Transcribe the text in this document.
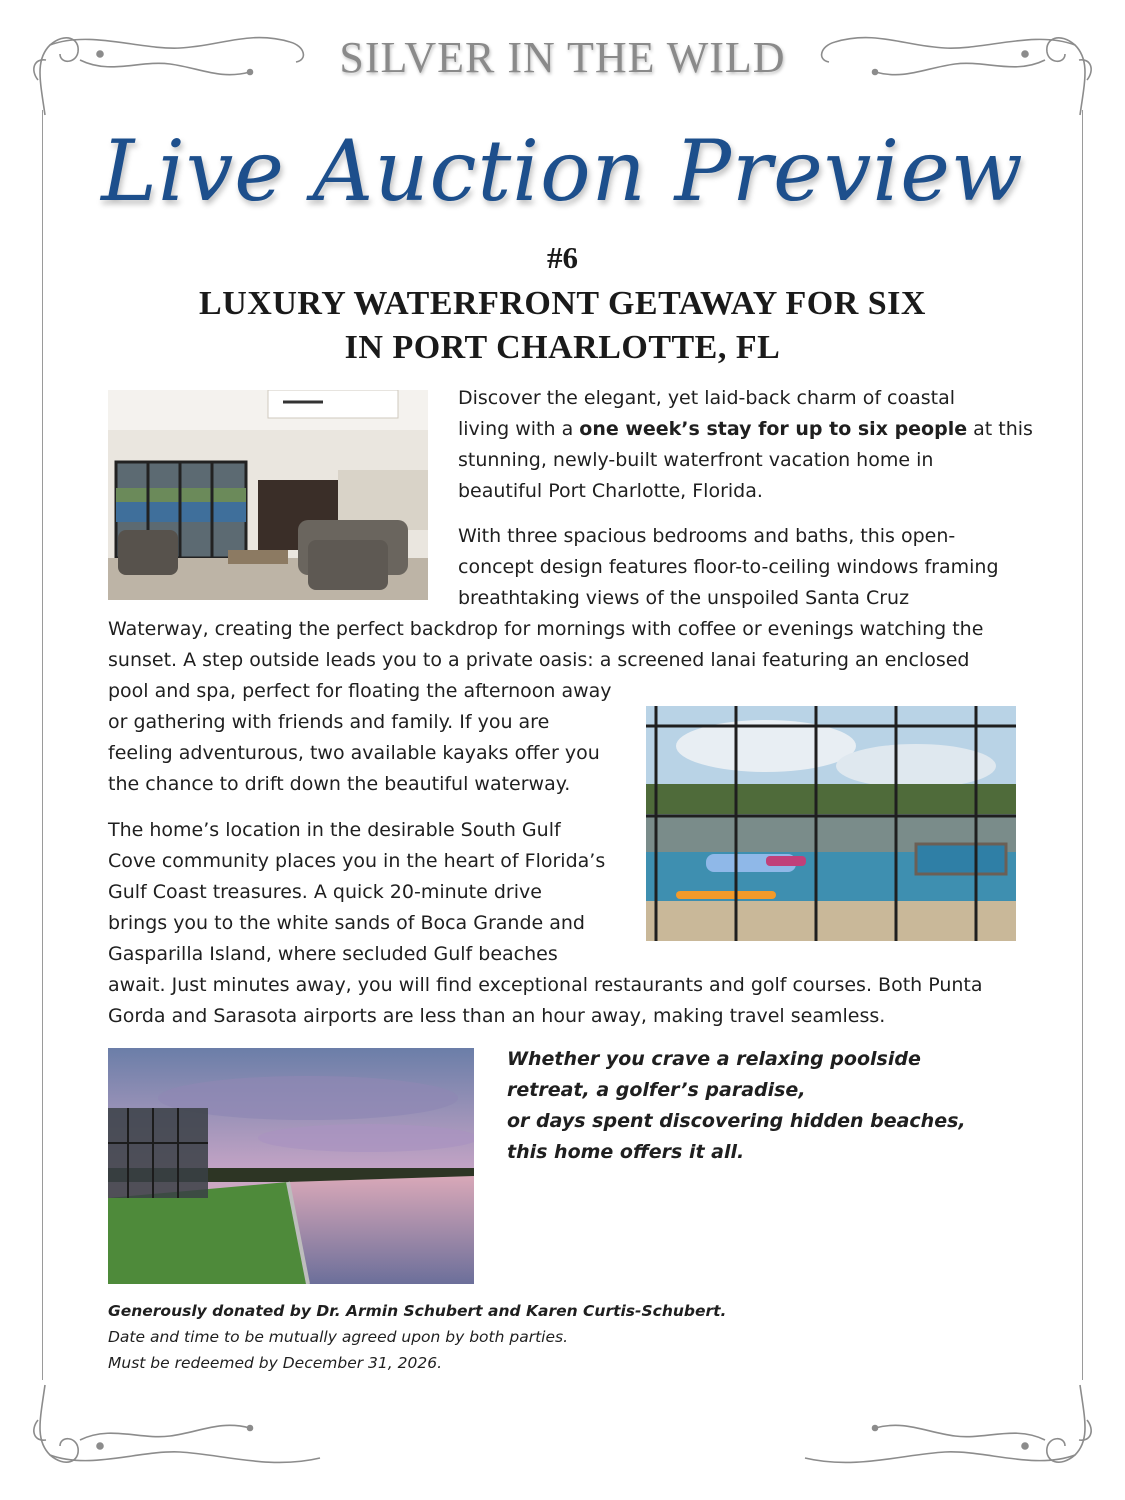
SILVER IN THE WILD
Live Auction Preview
#6
LUXURY WATERFRONT GETAWAY FOR SIX
IN PORT CHARLOTTE, FL
Discover the elegant, yet laid-back charm of coastal
living with a one week’s stay for up to six people at this
stunning, newly-built waterfront vacation home in
beautiful Port Charlotte, Florida.
With three spacious bedrooms and baths, this open-
concept design features floor-to-ceiling windows framing
breathtaking views of the unspoiled Santa Cruz
Waterway, creating the perfect backdrop for mornings with coffee or evenings watching the
sunset. A step outside leads you to a private oasis: a screened lanai featuring an enclosed
pool and spa, perfect for floating the afternoon away
or gathering with friends and family. If you are
feeling adventurous, two available kayaks offer you
the chance to drift down the beautiful waterway.
The home’s location in the desirable South Gulf
Cove community places you in the heart of Florida’s
Gulf Coast treasures. A quick 20-minute drive
brings you to the white sands of Boca Grande and
Gasparilla Island, where secluded Gulf beaches
await. Just minutes away, you will find exceptional restaurants and golf courses. Both Punta
Gorda and Sarasota airports are less than an hour away, making travel seamless.
Whether you crave a relaxing poolside
retreat, a golfer’s paradise,
or days spent discovering hidden beaches,
this home offers it all.
Generously donated by Dr. Armin Schubert and Karen Curtis-Schubert.
Date and time to be mutually agreed upon by both parties.
Must be redeemed by December 31, 2026.
